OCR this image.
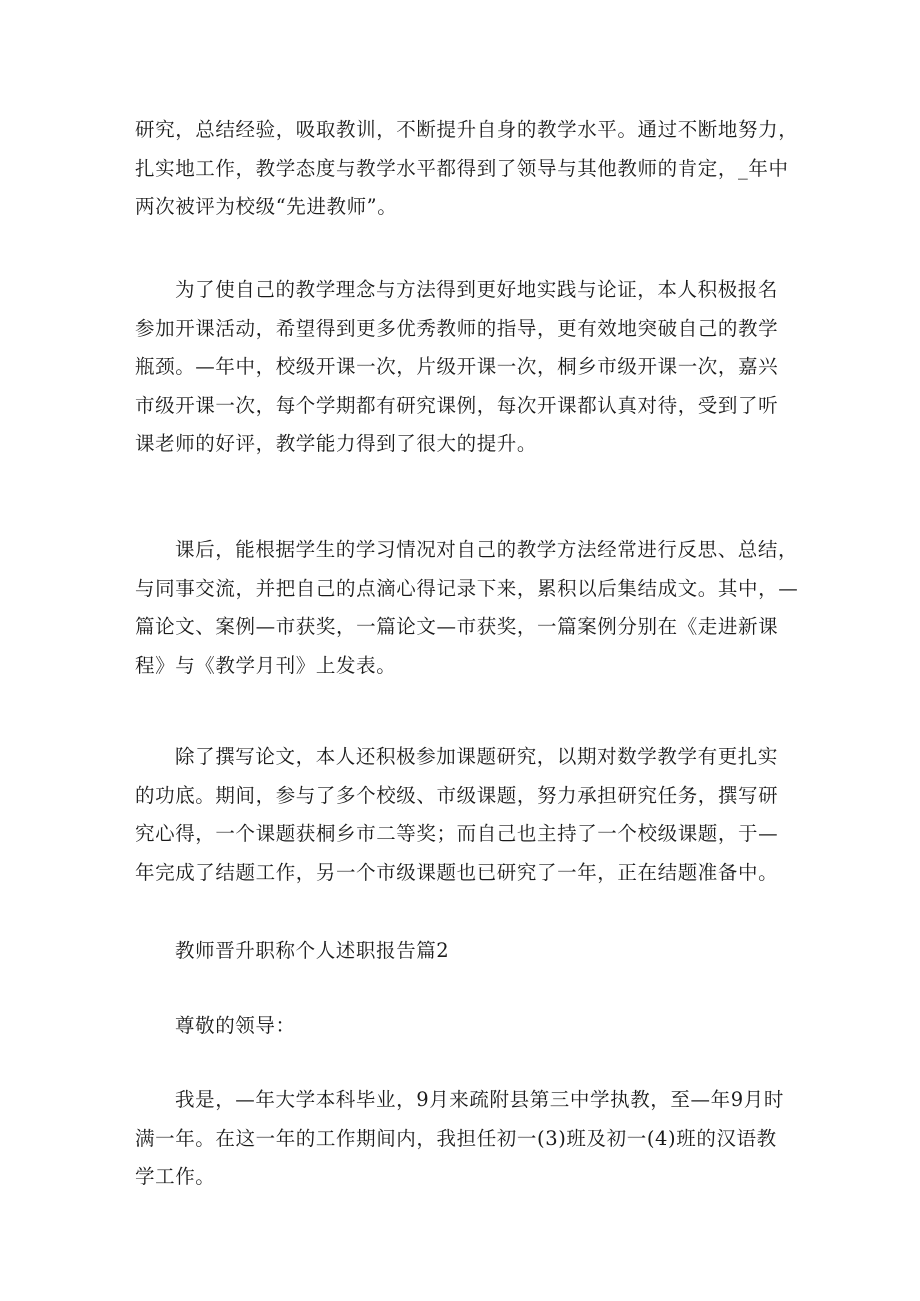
研究，总结经验，吸取教训，不断提升自身的教学水平。通过不断地努力，
扎实地工作，教学态度与教学水平都得到了领导与其他教师的肯定，_年中
两次被评为校级“先进教师”。
为了使自己的教学理念与方法得到更好地实践与论证，本人积极报名
参加开课活动，希望得到更多优秀教师的指导，更有效地突破自己的教学
瓶颈。—年中，校级开课一次，片级开课一次，桐乡市级开课一次，嘉兴
市级开课一次，每个学期都有研究课例，每次开课都认真对待，受到了听
课老师的好评，教学能力得到了很大的提升。
课后，能根据学生的学习情况对自己的教学方法经常进行反思、总结，
与同事交流，并把自己的点滴心得记录下来，累积以后集结成文。其中，—
篇论文、案例—市获奖，一篇论文—市获奖，一篇案例分别在《走进新课
程》与《教学月刊》上发表。
除了撰写论文，本人还积极参加课题研究，以期对数学教学有更扎实
的功底。期间，参与了多个校级、市级课题，努力承担研究任务，撰写研
究心得，一个课题获桐乡市二等奖；而自己也主持了一个校级课题，于—
年完成了结题工作，另一个市级课题也已研究了一年，正在结题准备中。
教师晋升职称个人述职报告篇2
尊敬的领导：
我是，—年大学本科毕业，9月来疏附县第三中学执教，至—年9月时
满一年。在这一年的工作期间内，我担任初一(3)班及初一(4)班的汉语教
学工作。
